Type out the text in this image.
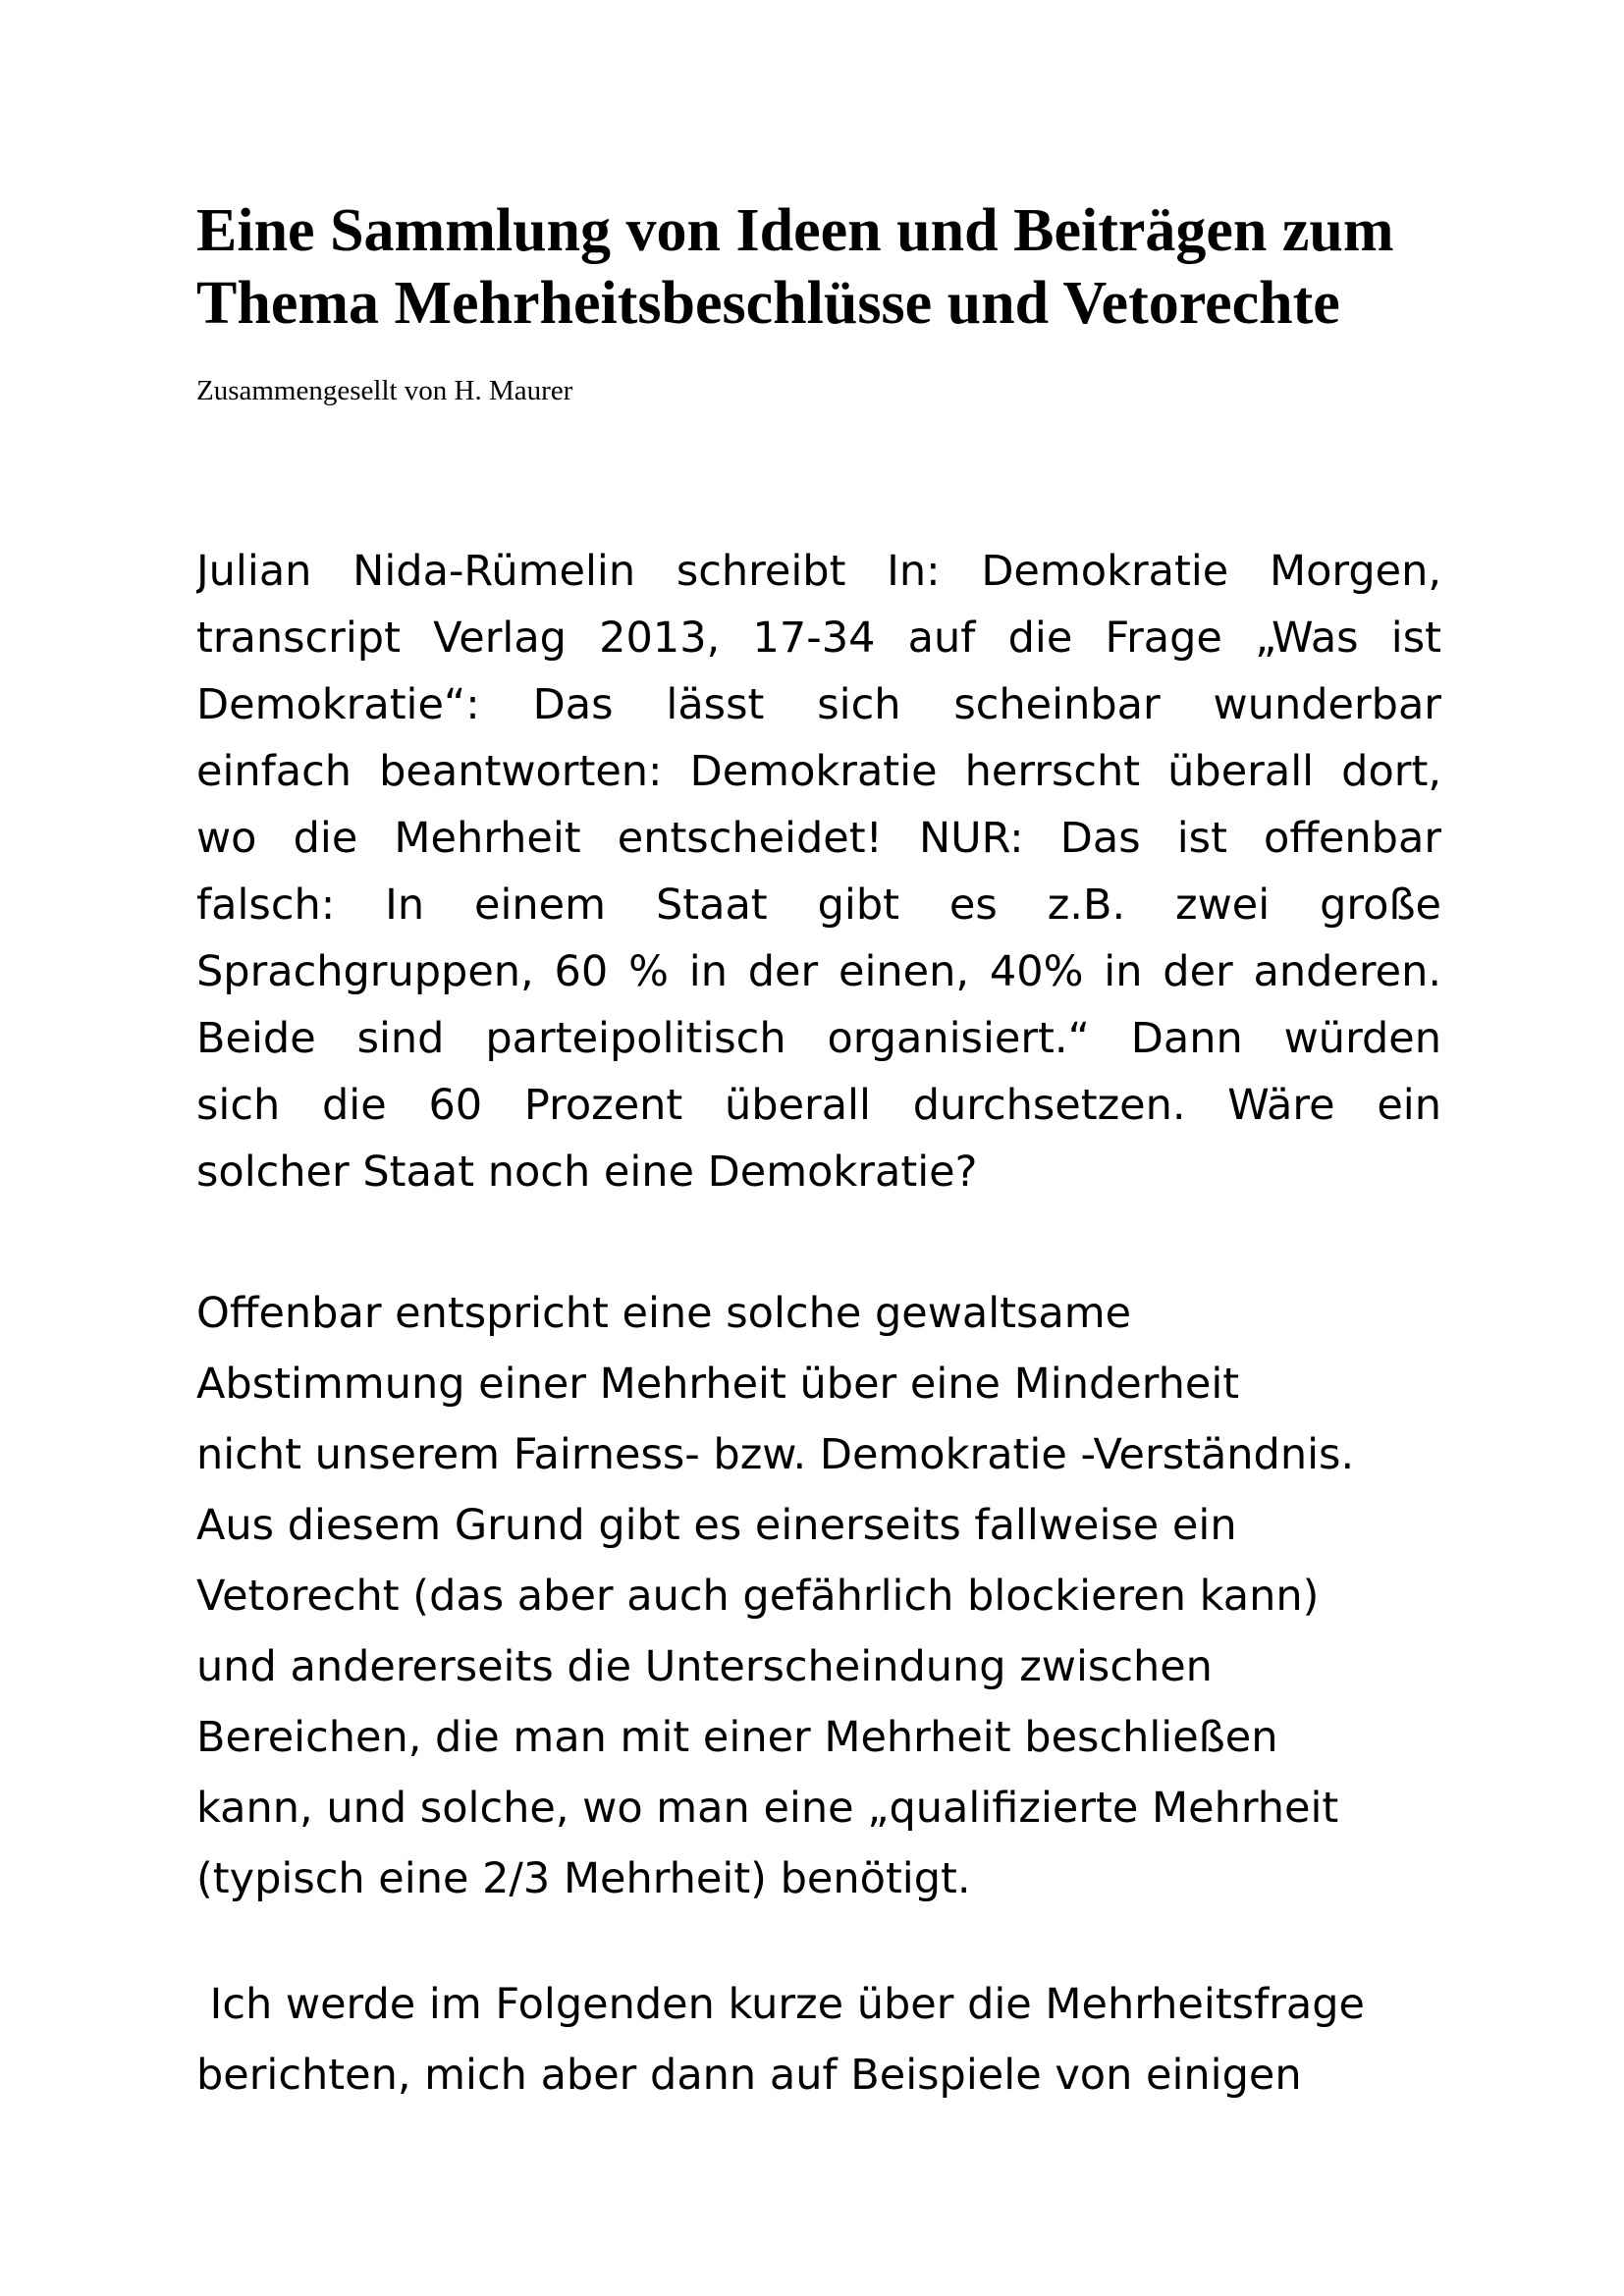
Eine Sammlung von Ideen und Beiträgen zum
Thema Mehrheitsbeschlüsse und Vetorechte

Zusammengesellt von H. Maurer

Julian Nida-Rümelin schreibt In: Demokratie Morgen,
transcript Verlag 2013, 17-34 auf die Frage „Was ist
Demokratie“: Das lässt sich scheinbar wunderbar
einfach beantworten: Demokratie herrscht überall dort,
wo die Mehrheit entscheidet! NUR: Das ist offenbar
falsch: In einem Staat gibt es z.B. zwei große
Sprachgruppen, 60 % in der einen, 40% in der anderen.
Beide sind parteipolitisch organisiert.“ Dann würden
sich die 60 Prozent überall durchsetzen. Wäre ein
solcher Staat noch eine Demokratie?
Offenbar entspricht eine solche gewaltsame
Abstimmung einer Mehrheit über eine Minderheit
nicht unserem Fairness- bzw. Demokratie -Verständnis.
Aus diesem Grund gibt es einerseits fallweise ein
Vetorecht (das aber auch gefährlich blockieren kann)
und andererseits die Unterscheindung zwischen
Bereichen, die man mit einer Mehrheit beschließen
kann, und solche, wo man eine „qualifizierte Mehrheit
(typisch eine 2/3 Mehrheit) benötigt.
Ich werde im Folgenden kurze über die Mehrheitsfrage
berichten, mich aber dann auf Beispiele von einigen
